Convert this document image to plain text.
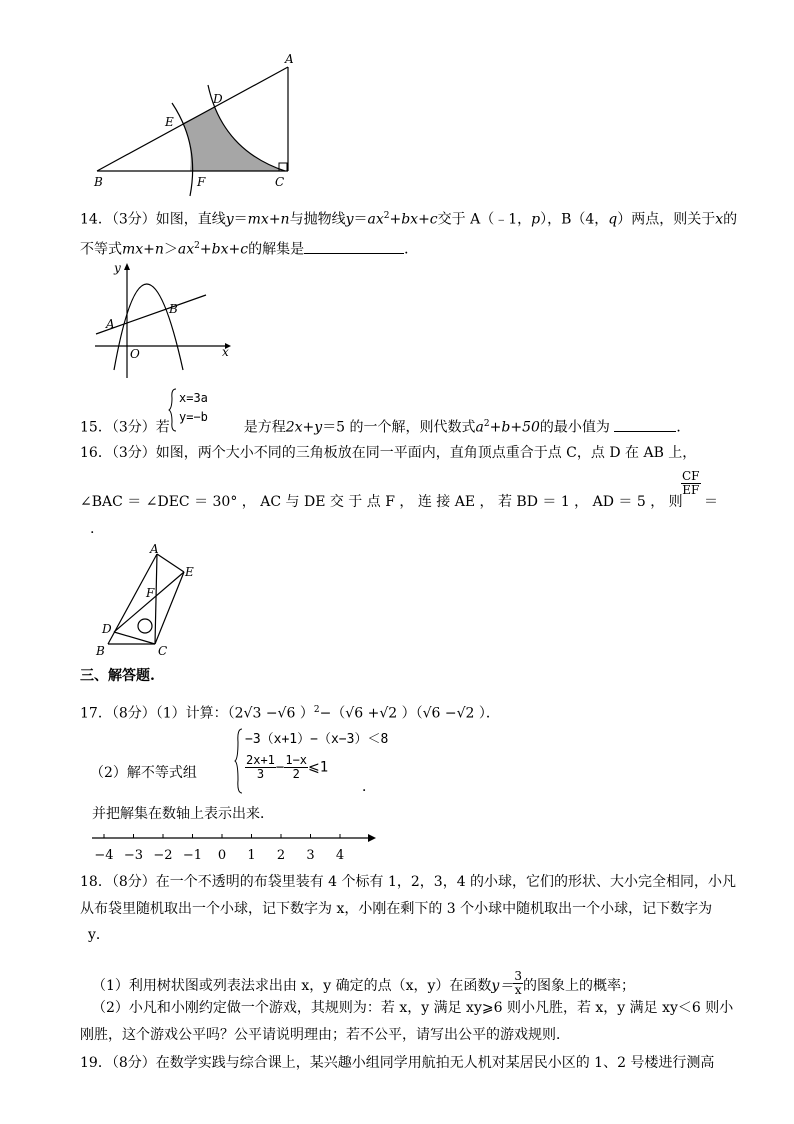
A
B	C
D
E
F
14．（3分）如图，直线y＝mx+n与抛物线$y=ax^2+bx+c$交于 A（﹣1，p），B（4，q）两点，则关于x的
不等式$mx+n>ax^2+bx+c$的解集是	．
y
x
O
A
B
x=3a
y=−b
15．（3分）若	是方程2x+y＝5 的一个解，则代数式$a^2+b+50$的最小值为	．
16．（3分）如图，两个大小不同的三角板放在同一平面内，直角顶点重合于点 C，点 D 在 AB 上，
∠BAC ＝ ∠DEC ＝ 30° ， AC 与 DE 交 于 点 F ， 连 接 AE ， 若 BD ＝ 1 ， AD ＝ 5 ， 则
$\frac{CF}{EF}$
＝
.
A
E
F
D
B	C
三、解答题.
17．（8分）（1）计算：（2√3 −√6 ）$^2$−（√6 +√2 ）（√6 −√2 ）．
−3（x+1）−（x−3）＜8
$\frac{2x+1}{3} - \frac{1-x}{2}$ ⩽1
（2）解不等式组
．
并把解集在数轴上表示出来．
−4 −3 −2 −1 0 1 2 3 4
18．（8分）在一个不透明的布袋里装有 4 个标有 1，2，3，4 的小球，它们的形状、大小完全相同，小凡
从布袋里随机取出一个小球，记下数字为 x，小刚在剩下的 3 个小球中随机取出一个小球，记下数字为
y．
（1）利用树状图或列表法求出由 x，y 确定的点（x，y）在函数$y= \frac{3}{x}$ 的图象上的概率；
（2）小凡和小刚约定做一个游戏，其规则为：若 x，y 满足 xy⩾6 则小凡胜，若 x，y 满足 xy＜6 则小
刚胜，这个游戏公平吗？公平请说明理由；若不公平，请写出公平的游戏规则．
19．（8分）在数学实践与综合课上，某兴趣小组同学用航拍无人机对某居民小区的 1、2 号楼进行测高
